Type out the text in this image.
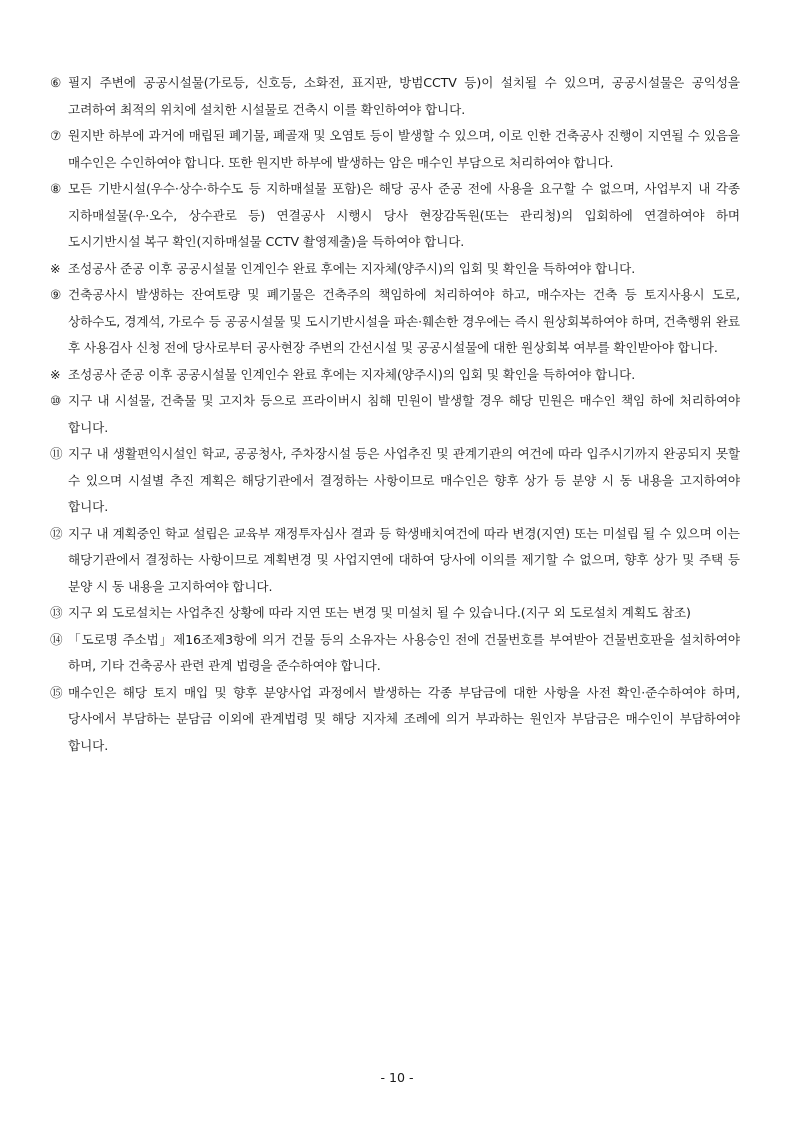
⑥ 필지 주변에 공공시설물(가로등, 신호등, 소화전, 표지판, 방범CCTV 등)이 설치될 수 있으며, 공공시설물은 공익성을 고려하여 최적의 위치에 설치한 시설물로 건축시 이를 확인하여야 합니다.
⑦ 원지반 하부에 과거에 매립된 폐기물, 폐골재 및 오염토 등이 발생할 수 있으며, 이로 인한 건축공사 진행이 지연될 수 있음을 매수인은 수인하여야 합니다. 또한 원지반 하부에 발생하는 암은 매수인 부담으로 처리하여야 합니다.
⑧ 모든 기반시설(우수·상수·하수도 등 지하매설물 포함)은 해당 공사 준공 전에 사용을 요구할 수 없으며, 사업부지 내 각종 지하매설물(우·오수, 상수관로 등) 연결공사 시행시 당사 현장감독원(또는 관리청)의 입회하에 연결하여야 하며 도시기반시설 복구 확인(지하매설물 CCTV 촬영제출)을 득하여야 합니다.
※ 조성공사 준공 이후 공공시설물 인계인수 완료 후에는 지자체(양주시)의 입회 및 확인을 득하여야 합니다.
⑨ 건축공사시 발생하는 잔여토량 및 폐기물은 건축주의 책임하에 처리하여야 하고, 매수자는 건축 등 토지사용시 도로, 상하수도, 경계석, 가로수 등 공공시설물 및 도시기반시설을 파손·훼손한 경우에는 즉시 원상회복하여야 하며, 건축행위 완료 후 사용검사 신청 전에 당사로부터 공사현장 주변의 간선시설 및 공공시설물에 대한 원상회복 여부를 확인받아야 합니다.
※ 조성공사 준공 이후 공공시설물 인계인수 완료 후에는 지자체(양주시)의 입회 및 확인을 득하여야 합니다.
⑩ 지구 내 시설물, 건축물 및 고지차 등으로 프라이버시 침해 민원이 발생할 경우 해당 민원은 매수인 책임 하에 처리하여야 합니다.
⑪ 지구 내 생활편익시설인 학교, 공공청사, 주차장시설 등은 사업추진 및 관계기관의 여건에 따라 입주시기까지 완공되지 못할 수 있으며 시설별 추진 계획은 해당기관에서 결정하는 사항이므로 매수인은 향후 상가 등 분양 시 동 내용을 고지하여야 합니다.
⑫ 지구 내 계획중인 학교 설립은 교육부 재정투자심사 결과 등 학생배치여건에 따라 변경(지연) 또는 미설립 될 수 있으며 이는 해당기관에서 결정하는 사항이므로 계획변경 및 사업지연에 대하여 당사에 이의를 제기할 수 없으며, 향후 상가 및 주택 등 분양 시 동 내용을 고지하여야 합니다.
⑬ 지구 외 도로설치는 사업추진 상황에 따라 지연 또는 변경 및 미설치 될 수 있습니다.(지구 외 도로설치 계획도 참조)
⑭ 「도로명 주소법」제16조제3항에 의거 건물 등의 소유자는 사용승인 전에 건물번호를 부여받아 건물번호판을 설치하여야 하며, 기타 건축공사 관련 관계 법령을 준수하여야 합니다.
⑮ 매수인은 해당 토지 매입 및 향후 분양사업 과정에서 발생하는 각종 부담금에 대한 사항을 사전 확인·준수하여야 하며, 당사에서 부담하는 분담금 이외에 관계법령 및 해당 지자체 조례에 의거 부과하는 원인자 부담금은 매수인이 부담하여야 합니다.
- 10 -
